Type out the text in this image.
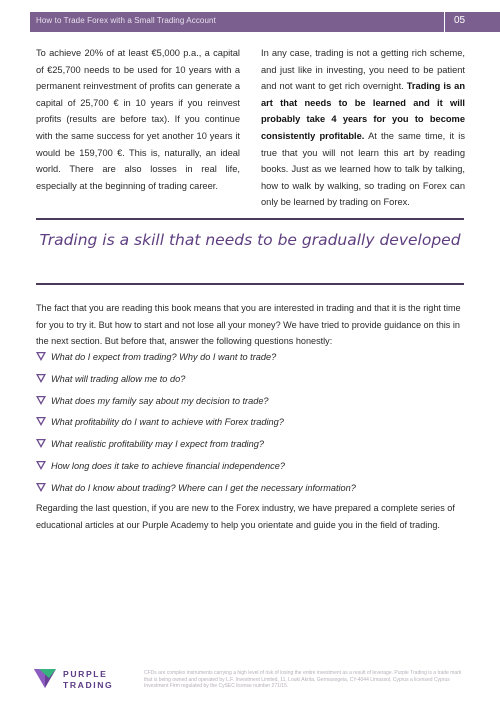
How to Trade Forex with a Small Trading Account	05
To achieve 20% of at least €5,000 p.a., a capital of €25,700 needs to be used for 10 years with a permanent reinvestment of profits can generate a capital of 25,700 € in 10 years if you reinvest profits (results are before tax). If you continue with the same success for yet another 10 years it would be 159,700 €. This is, naturally, an ideal world. There are also losses in real life, especially at the beginning of trading career.
In any case, trading is not a getting rich scheme, and just like in investing, you need to be patient and not want to get rich overnight. Trading is an art that needs to be learned and it will probably take 4 years for you to become consistently profitable. At the same time, it is true that you will not learn this art by reading books. Just as we learned how to talk by talking, how to walk by walking, so trading on Forex can only be learned by trading on Forex.
Trading is a skill that needs to be gradually developed
The fact that you are reading this book means that you are interested in trading and that it is the right time for you to try it. But how to start and not lose all your money? We have tried to provide guidance on this in the next section. But before that, answer the following questions honestly:
What do I expect from trading? Why do I want to trade?
What will trading allow me to do?
What does my family say about my decision to trade?
What profitability do I want to achieve with Forex trading?
What realistic profitability may I expect from trading?
How long does it take to achieve financial independence?
What do I know about trading? Where can I get the necessary information?
Regarding the last question, if you are new to the Forex industry, we have prepared a complete series of educational articles at our Purple Academy to help you orientate and guide you in the field of trading.
PURPLE
TRADING
CFDs are complex instruments carrying a high level of risk of losing the entire investment as a result of leverage. Purple Trading is a trade mark that is being owned and operated by L.F. Investment Limited, 11, Louki Akrita, Germasogeia, CY-4044 Limassol, Cyprus a licensed Cyprus Investment Firm regulated by the CySEC license number 271/15.
